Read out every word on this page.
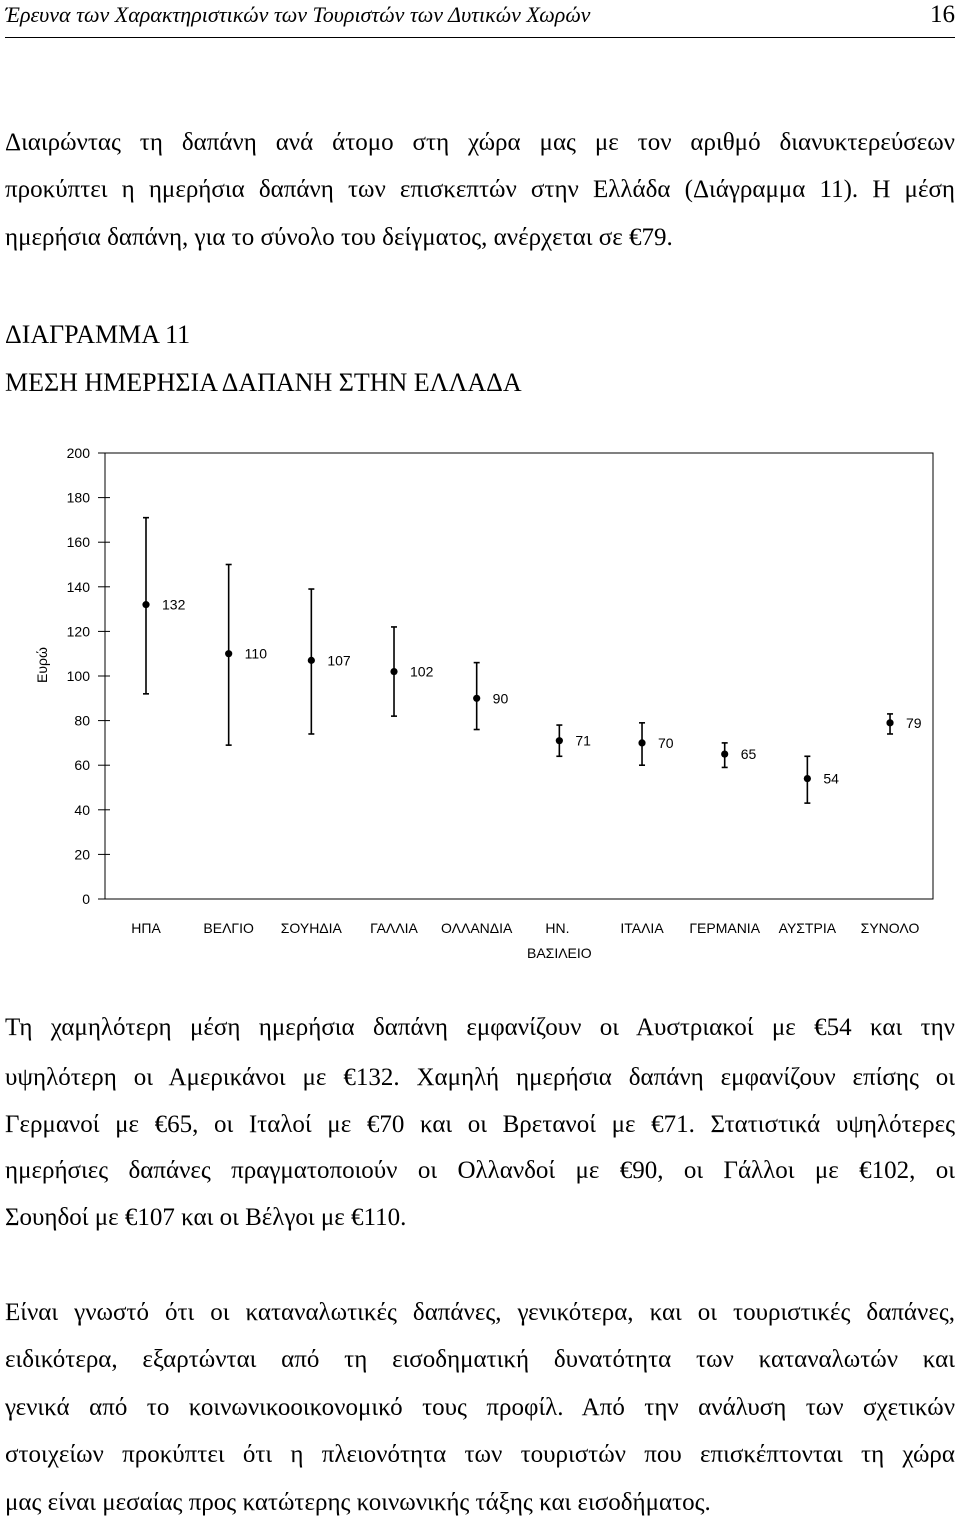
Έρευνα των Χαρακτηριστικών των Τουριστών των Δυτικών Χωρών	16
Διαιρώντας τη δαπάνη ανά άτομο στη χώρα μας με τον αριθμό διανυκτερεύσεων
προκύπτει η ημερήσια δαπάνη των επισκεπτών στην Ελλάδα (Διάγραμμα 11). Η μέση
ημερήσια δαπάνη, για το σύνολο του δείγματος, ανέρχεται σε €79.
ΔΙΑΓΡΑΜΜΑ 11
ΜΕΣΗ ΗΜΕΡΗΣΙΑ ΔΑΠΑΝΗ ΣΤΗΝ ΕΛΛΑΔΑ
Ευρώ
0
20
40
60
80
100
120
140
160
180
200
132
ΗΠΑ
110
ΒΕΛΓΙΟ
107
ΣΟΥΗΔΙΑ
102
ΓΑΛΛΙΑ
90
ΟΛΛΑΝΔΙΑ
71
ΗΝ. ΒΑΣΙΛΕΙΟ
70
ΙΤΑΛΙΑ
65
ΓΕΡΜΑΝΙΑ
54
ΑΥΣΤΡΙΑ
79
ΣΥΝΟΛΟ
Τη χαμηλότερη μέση ημερήσια δαπάνη εμφανίζουν οι Αυστριακοί με €54 και την
υψηλότερη οι Αμερικάνοι με €132. Χαμηλή ημερήσια δαπάνη εμφανίζουν επίσης οι
Γερμανοί με €65, οι Ιταλοί με €70 και οι Βρετανοί με €71. Στατιστικά υψηλότερες
ημερήσιες δαπάνες πραγματοποιούν οι Ολλανδοί με €90, οι Γάλλοι με €102, οι
Σουηδοί με €107 και οι Βέλγοι με €110.
Είναι γνωστό ότι οι καταναλωτικές δαπάνες, γενικότερα, και οι τουριστικές δαπάνες,
ειδικότερα, εξαρτώνται από τη εισοδηματική δυνατότητα των καταναλωτών και
γενικά από το κοινωνικοοικονομικό τους προφίλ. Από την ανάλυση των σχετικών
στοιχείων προκύπτει ότι η πλειονότητα των τουριστών που επισκέπτονται τη χώρα
μας είναι μεσαίας προς κατώτερης κοινωνικής τάξης και εισοδήματος.
